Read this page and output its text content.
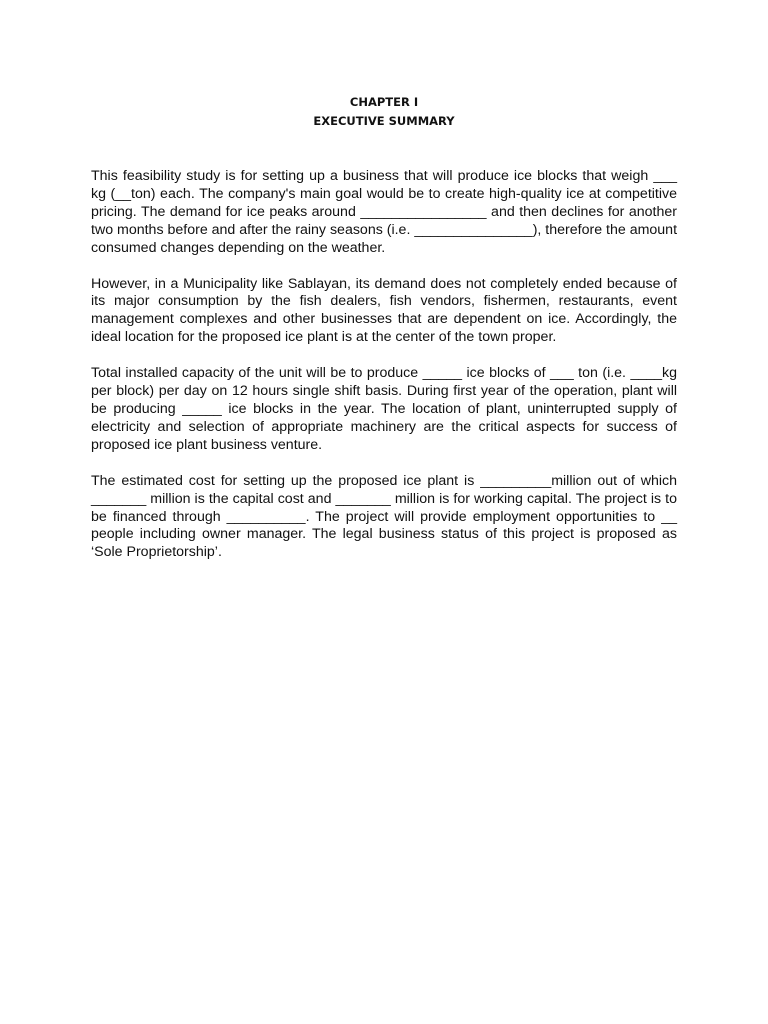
CHAPTER I
EXECUTIVE SUMMARY

This feasibility study is for setting up a business that will produce ice blocks that weigh ___ kg (__ton) each. The company's main goal would be to create high-quality ice at competitive pricing. The demand for ice peaks around ________________ and then declines for another two months before and after the rainy seasons (i.e. _______________), therefore the amount consumed changes depending on the weather.

However, in a Municipality like Sablayan, its demand does not completely ended because of its major consumption by the fish dealers, fish vendors, fishermen, restaurants, event management complexes and other businesses that are dependent on ice. Accordingly, the ideal location for the proposed ice plant is at the center of the town proper.

Total installed capacity of the unit will be to produce _____ ice blocks of ___ ton (i.e. ____kg per block) per day on 12 hours single shift basis. During first year of the operation, plant will be producing _____ ice blocks in the year. The location of plant, uninterrupted supply of electricity and selection of appropriate machinery are the critical aspects for success of proposed ice plant business venture.

The estimated cost for setting up the proposed ice plant is _________million out of which _______ million is the capital cost and _______ million is for working capital. The project is to be financed through __________. The project will provide employment opportunities to __ people including owner manager. The legal business status of this project is proposed as ‘Sole Proprietorship’.
